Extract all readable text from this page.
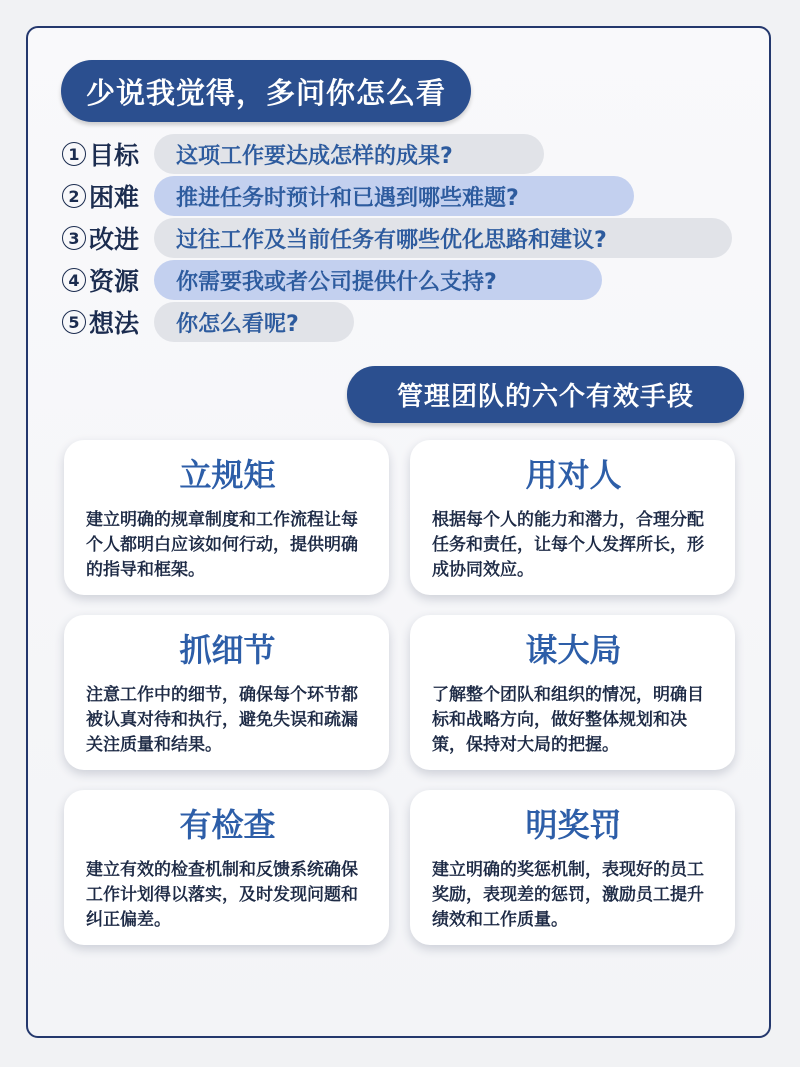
少说我觉得，多问你怎么看
1 目标	这项工作要达成怎样的成果?
2 困难	推进任务时预计和已遇到哪些难题?
3 改进	过往工作及当前任务有哪些优化思路和建议?
4 资源	你需要我或者公司提供什么支持?
5 想法	你怎么看呢?
管理团队的六个有效手段
立规矩
建立明确的规章制度和工作流程让每个人都明白应该如何行动，提供明确的指导和框架。
用对人
根据每个人的能力和潜力，合理分配任务和责任，让每个人发挥所长，形成协同效应。
抓细节
注意工作中的细节，确保每个环节都被认真对待和执行，避免失误和疏漏关注质量和结果。
谋大局
了解整个团队和组织的情况，明确目标和战略方向，做好整体规划和决策，保持对大局的把握。
有检查
建立有效的检查机制和反馈系统确保工作计划得以落实，及时发现问题和纠正偏差。
明奖罚
建立明确的奖惩机制，表现好的员工奖励，表现差的惩罚，激励员工提升绩效和工作质量。
